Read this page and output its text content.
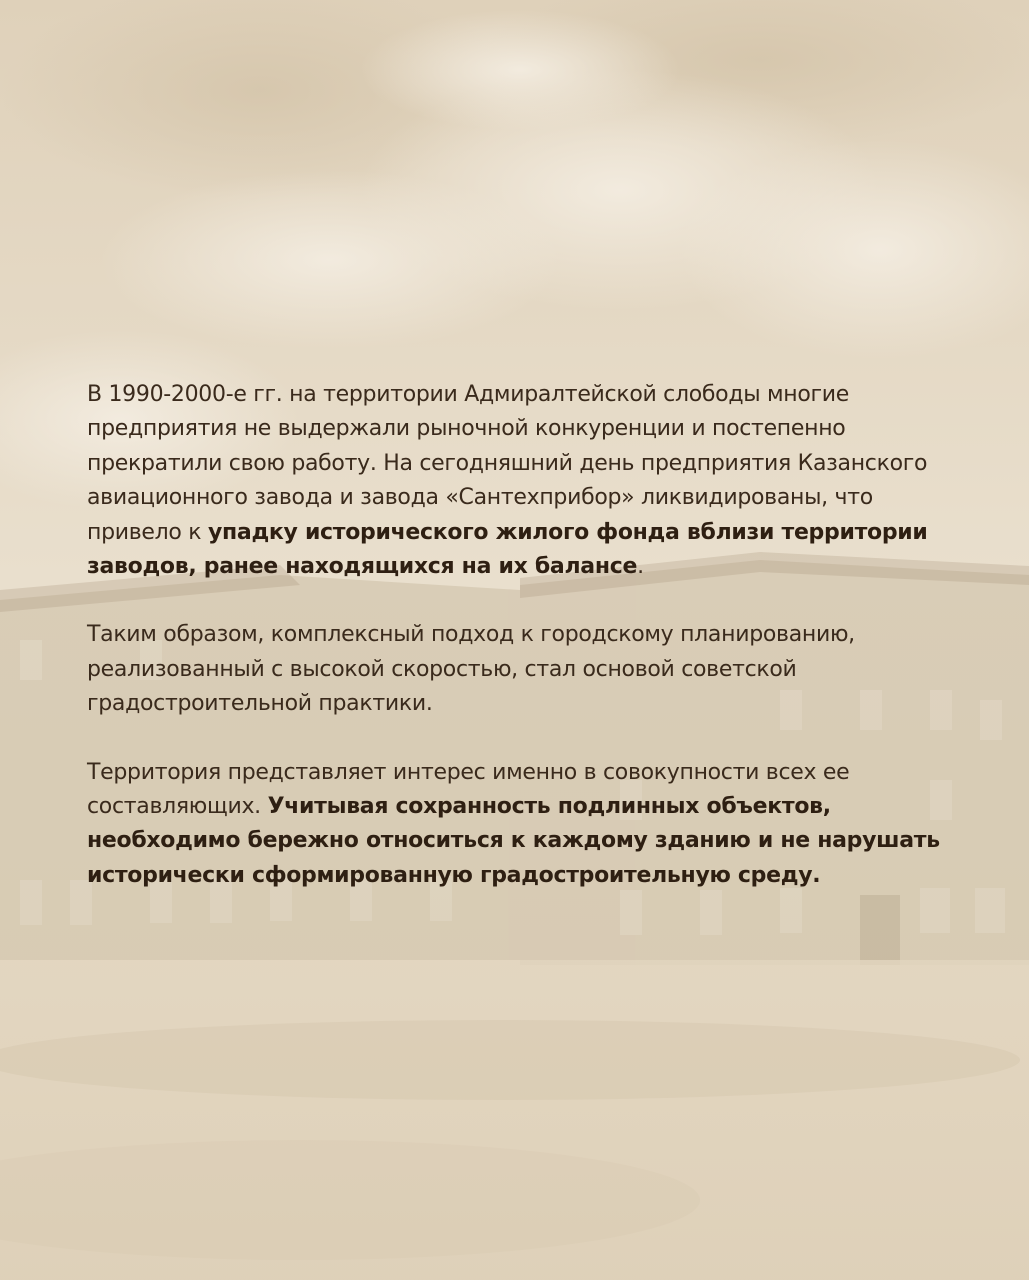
В 1990-2000-е гг. на территории Адмиралтейской слободы многие предприятия не выдержали рыночной конкуренции и постепенно прекратили свою работу. На сегодняшний день предприятия Казанского авиационного завода и завода «Сантехприбор» ликвидированы, что привело к упадку исторического жилого фонда вблизи территории заводов, ранее находящихся на их балансе.

Таким образом, комплексный подход к городскому планированию, реализованный с высокой скоростью, стал основой советской градостроительной практики.

Территория представляет интерес именно в совокупности всех ее составляющих. Учитывая сохранность подлинных объектов, необходимо бережно относиться к каждому зданию и не нарушать исторически сформированную градостроительную среду.
